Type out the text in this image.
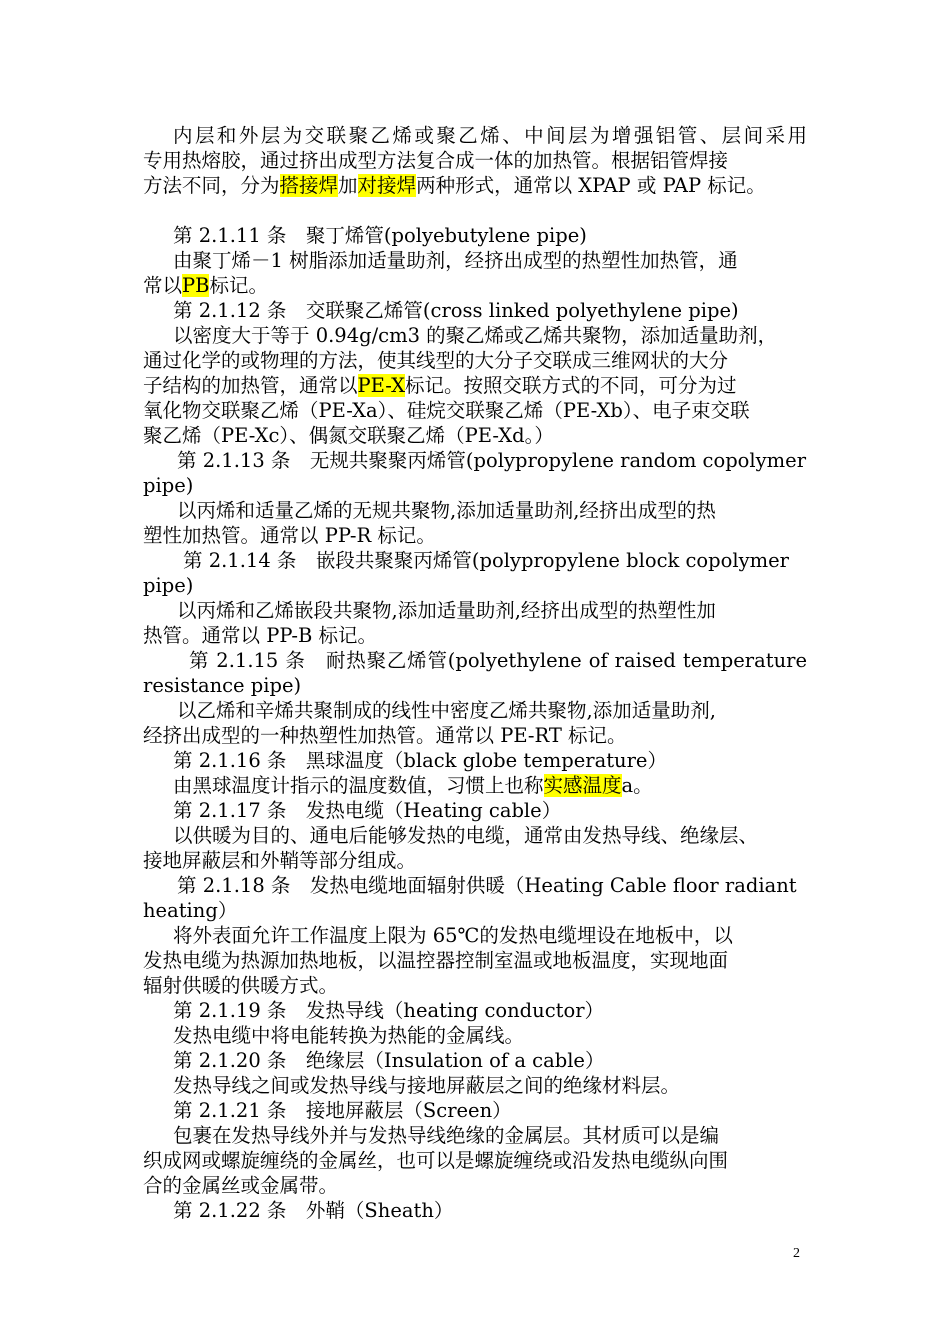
内层和外层为交联聚乙烯或聚乙烯、中间层为增强铝管、层间采用
专用热熔胶，通过挤出成型方法复合成一体的加热管。根据铝管焊接
方法不同，分为搭接焊加对接焊两种形式，通常以 XPAP 或 PAP 标记。
第 2.1.11 条　聚丁烯管(polyebutylene pipe)
由聚丁烯－1 树脂添加适量助剂，经挤出成型的热塑性加热管，通
常以PB标记。
第 2.1.12 条　交联聚乙烯管(cross linked polyethylene pipe)
以密度大于等于 0.94g/cm3 的聚乙烯或乙烯共聚物，添加适量助剂，
通过化学的或物理的方法，使其线型的大分子交联成三维网状的大分
子结构的加热管，通常以PE-X标记。按照交联方式的不同，可分为过
氧化物交联聚乙烯（PE-Xa）、硅烷交联聚乙烯（PE-Xb）、电子束交联
聚乙烯（PE-Xc）、偶氮交联聚乙烯（PE-Xd。）
第 2.1.13 条　无规共聚聚丙烯管(polypropylene random copolymer
pipe)
以丙烯和适量乙烯的无规共聚物,添加适量助剂,经挤出成型的热
塑性加热管。通常以 PP-R 标记。
第 2.1.14 条　嵌段共聚聚丙烯管(polypropylene block copolymer
pipe)
以丙烯和乙烯嵌段共聚物,添加适量助剂,经挤出成型的热塑性加
热管。通常以 PP-B 标记。
第 2.1.15 条　耐热聚乙烯管(polyethylene of raised temperature
resistance pipe)
以乙烯和辛烯共聚制成的线性中密度乙烯共聚物,添加适量助剂,
经挤出成型的一种热塑性加热管。通常以 PE-RT 标记。
第 2.1.16 条　黑球温度（black globe temperature）
由黑球温度计指示的温度数值，习惯上也称实感温度a。
第 2.1.17 条　发热电缆（Heating cable）
以供暖为目的、通电后能够发热的电缆，通常由发热导线、绝缘层、
接地屏蔽层和外鞘等部分组成。
第 2.1.18 条　发热电缆地面辐射供暖（Heating Cable floor radiant
heating）
将外表面允许工作温度上限为 65℃的发热电缆埋设在地板中，以
发热电缆为热源加热地板，以温控器控制室温或地板温度，实现地面
辐射供暖的供暖方式。
第 2.1.19 条　发热导线（heating conductor）
发热电缆中将电能转换为热能的金属线。
第 2.1.20 条　绝缘层（Insulation of a cable）
发热导线之间或发热导线与接地屏蔽层之间的绝缘材料层。
第 2.1.21 条　接地屏蔽层（Screen）
包裹在发热导线外并与发热导线绝缘的金属层。其材质可以是编
织成网或螺旋缠绕的金属丝，也可以是螺旋缠绕或沿发热电缆纵向围
合的金属丝或金属带。
第 2.1.22 条　外鞘（Sheath）
2
